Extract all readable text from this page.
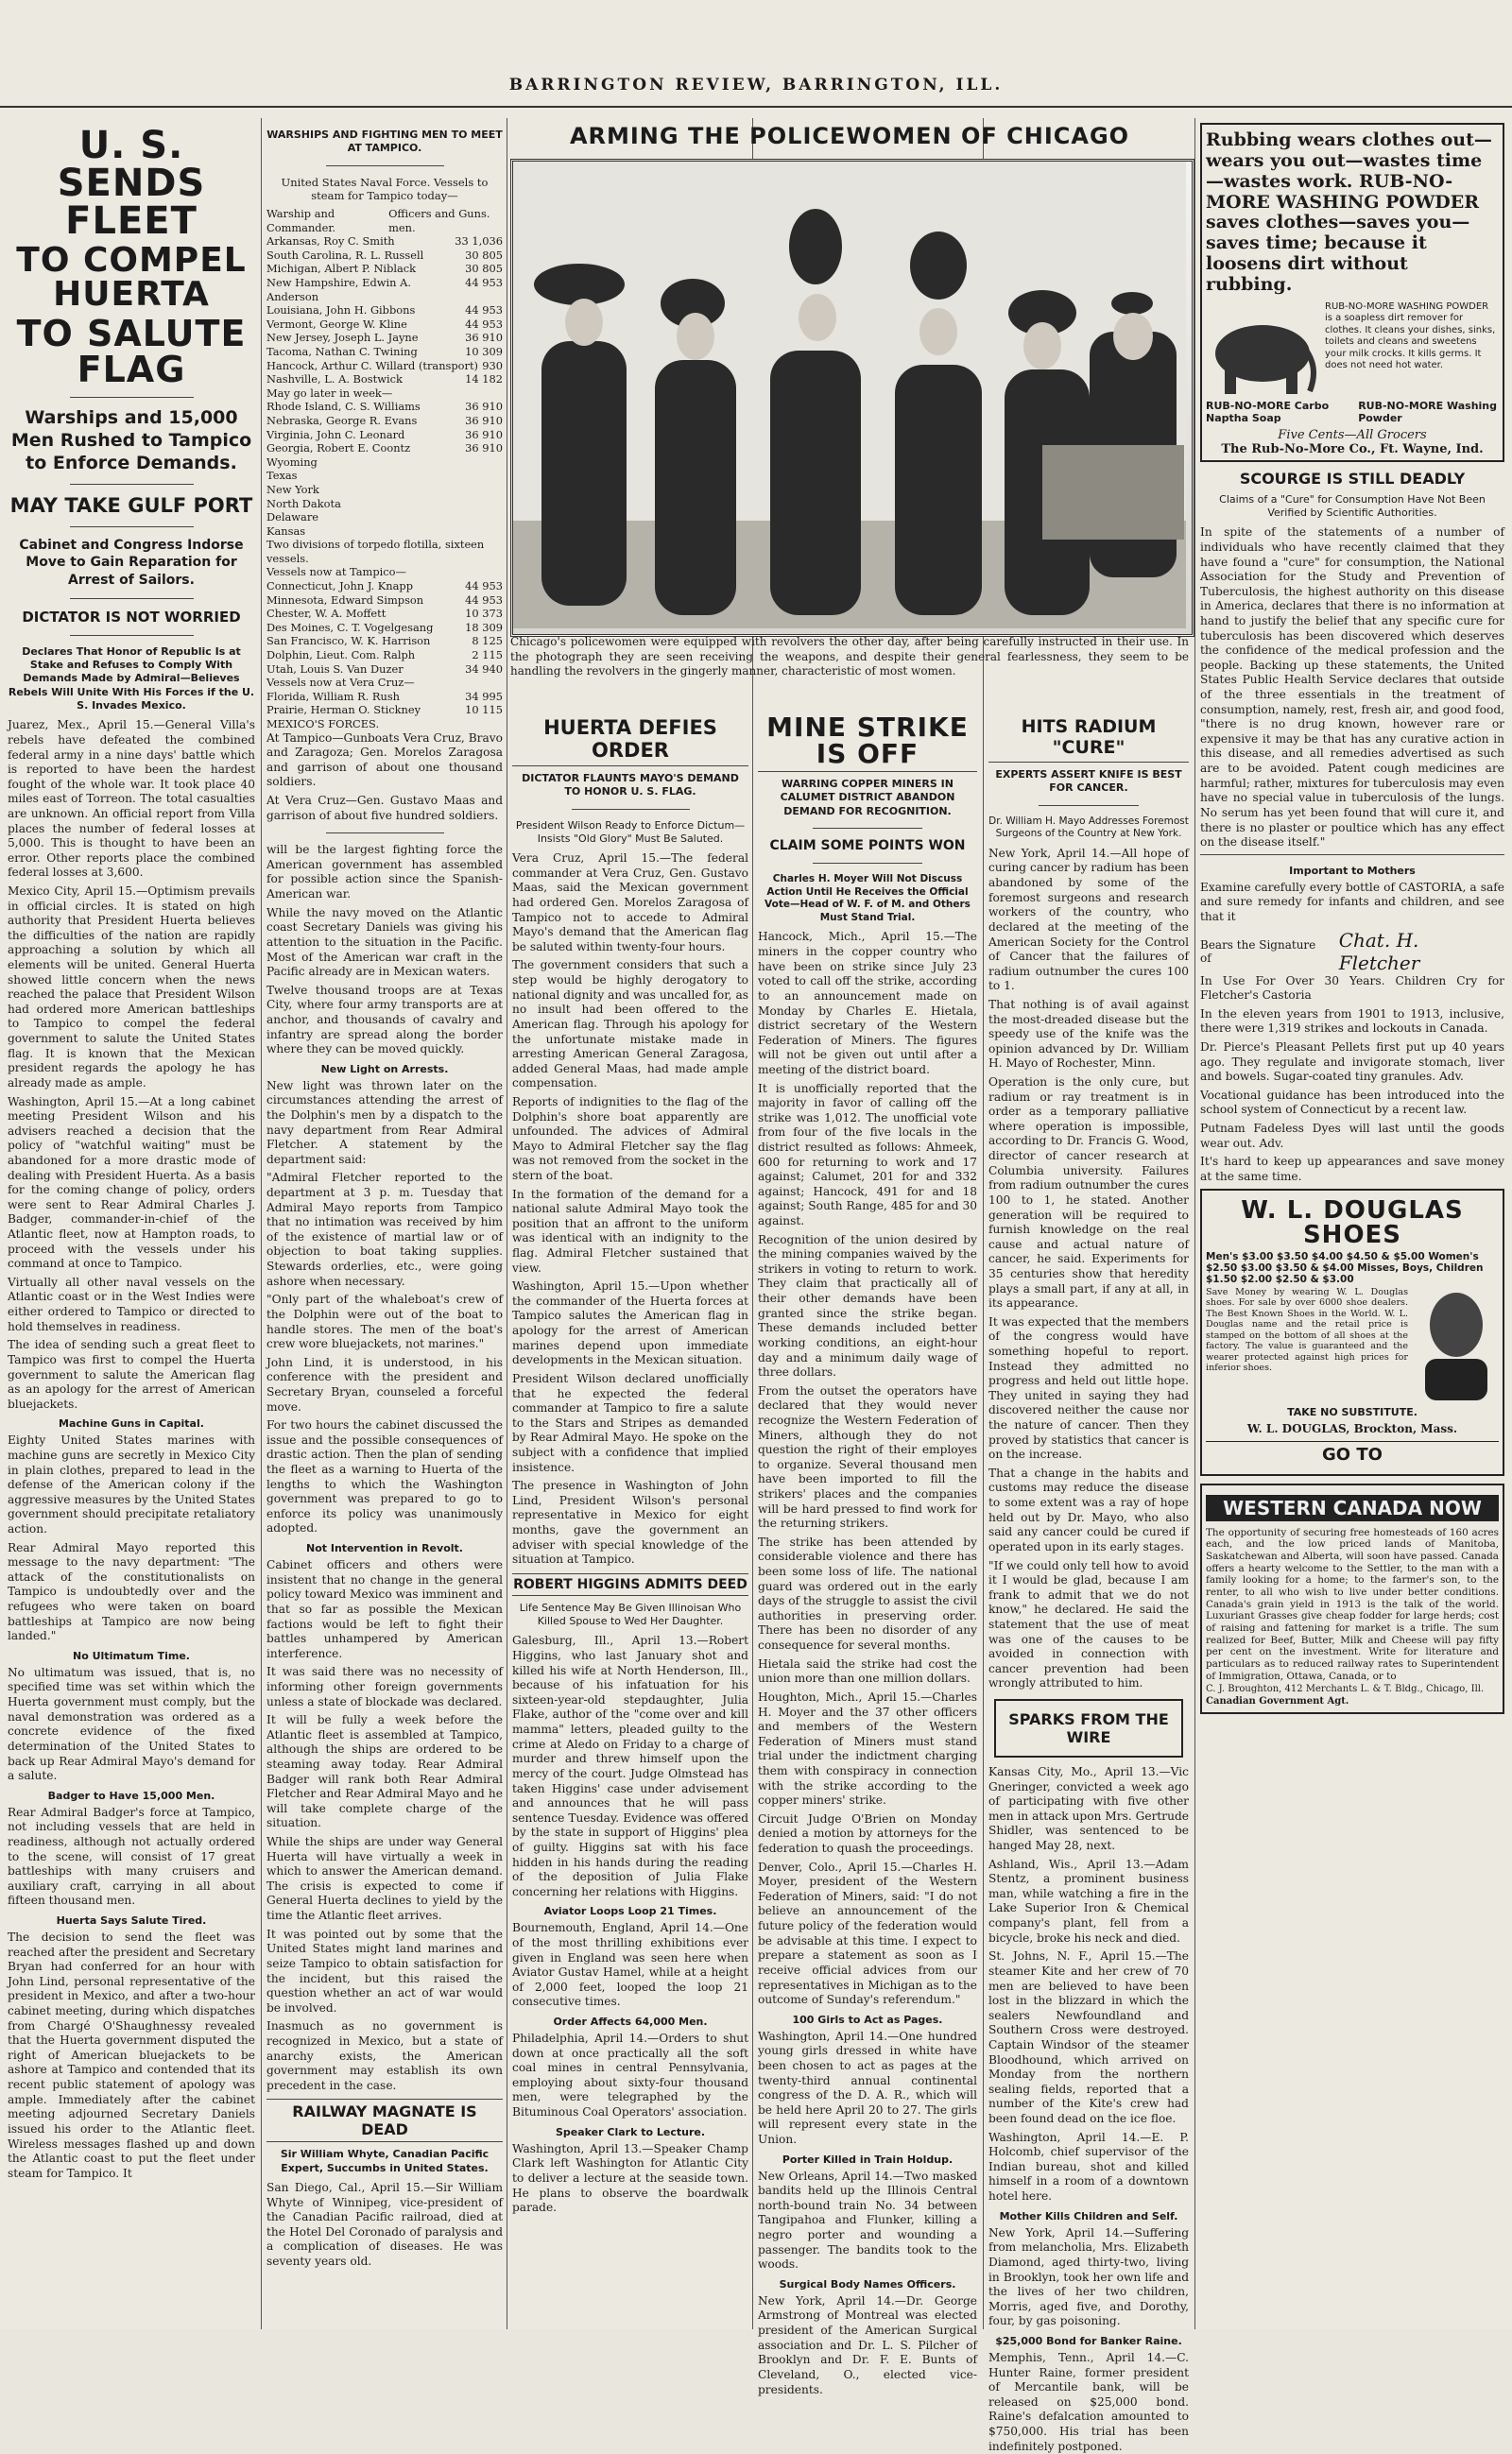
BARRINGTON REVIEW, BARRINGTON, ILL.
U. S. SENDS FLEET
TO COMPEL HUERTA
TO SALUTE FLAG
Warships and 15,000 Men Rushed to Tampico to Enforce Demands.
MAY TAKE GULF PORT
Cabinet and Congress Indorse Move to Gain Reparation for Arrest of Sailors.
DICTATOR IS NOT WORRIED
Declares That Honor of Republic Is at Stake and Refuses to Comply With Demands Made by Admiral—Believes Rebels Will Unite With His Forces if the U. S. Invades Mexico.

Juarez, Mex., April 15.—General Villa's rebels have defeated the combined federal army in a nine days' battle which is reported to have been the hardest fought of the whole war. It took place 40 miles east of Torreon. The total casualties are unknown. An official report from Villa places the number of federal losses at 5,000. This is thought to have been an error. Other reports place the combined federal losses at 3,600.

Mexico City, April 15.—Optimism prevails in official circles. It is stated on high authority that President Huerta believes the difficulties of the nation are rapidly approaching a solution by which all elements will be united. General Huerta showed little concern when the news reached the palace that President Wilson had ordered more American battleships to Tampico to compel the federal government to salute the United States flag. It is known that the Mexican president regards the apology he has already made as ample.

Washington, April 15.—At a long cabinet meeting President Wilson and his advisers reached a decision that the policy of "watchful waiting" must be abandoned for a more drastic mode of dealing with President Huerta. As a basis for the coming change of policy, orders were sent to Rear Admiral Charles J. Badger, commander-in-chief of the Atlantic fleet, now at Hampton roads, to proceed with the vessels under his command at once to Tampico.

Virtually all other naval vessels on the Atlantic coast or in the West Indies were either ordered to Tampico or directed to hold themselves in readiness.

The idea of sending such a great fleet to Tampico was first to compel the Huerta government to salute the American flag as an apology for the arrest of American bluejackets.

Machine Guns in Capital.

Eighty United States marines with machine guns are secretly in Mexico City in plain clothes, prepared to lead in the defense of the American colony if the aggressive measures by the United States government should precipitate retaliatory action.

Rear Admiral Mayo reported this message to the navy department: "The attack of the constitutionalists on Tampico is undoubtedly over and the refugees who were taken on board battleships at Tampico are now being landed."

No Ultimatum Time.

No ultimatum was issued, that is, no specified time was set within which the Huerta government must comply, but the naval demonstration was ordered as a concrete evidence of the fixed determination of the United States to back up Rear Admiral Mayo's demand for a salute.

Badger to Have 15,000 Men.

Rear Admiral Badger's force at Tampico, not including vessels that are held in readiness, although not actually ordered to the scene, will consist of 17 great battleships with many cruisers and auxiliary craft, carrying in all about fifteen thousand men.

Huerta Says Salute Tired.

The decision to send the fleet was reached after the president and Secretary Bryan had conferred for an hour with John Lind, personal representative of the president in Mexico, and after a two-hour cabinet meeting, during which dispatches from Chargé O'Shaughnessy revealed that the Huerta government disputed the right of American bluejackets to be ashore at Tampico and contended that its recent public statement of apology was ample. Immediately after the cabinet meeting adjourned Secretary Daniels issued his order to the Atlantic fleet. Wireless messages flashed up and down the Atlantic coast to put the fleet under steam for Tampico. It

WARSHIPS AND FIGHTING MEN TO MEET AT TAMPICO.

United States Naval Force. Vessels to steam for Tampico today—

Warship and Commander.
Officers and Guns. men.
Arkansas, Roy C. Smith	33 1,036
South Carolina, R. L. Russell	30 805
Michigan, Albert P. Niblack	30 805
New Hampshire, Edwin A. Anderson
44 953
Louisiana, John H. Gibbons	44 953
Vermont, George W. Kline	44 953
New Jersey, Joseph L. Jayne	36 910
Tacoma, Nathan C. Twining	10 309
Hancock, Arthur C. Willard (transport) 930
Nashville, L. A. Bostwick	14 182
May go later in week—
Rhode Island, C. S. Williams	36 910
Nebraska, George R. Evans	36 910
Virginia, John C. Leonard	36 910
Georgia, Robert E. Coontz	36 910
Wyoming
Texas
New York
North Dakota
Delaware
Kansas
Two divisions of torpedo flotilla, sixteen vessels.
Vessels now at Tampico—
Connecticut, John J. Knapp	44 953
Minnesota, Edward Simpson	44 953
Chester, W. A. Moffett	10 373
Des Moines, C. T. Vogelgesang	18 309
San Francisco, W. K. Harrison	8 125
Dolphin, Lieut. Com. Ralph	2 115
Utah, Louis S. Van Duzer	34 940
Vessels now at Vera Cruz—
Florida, William R. Rush	34 995
Prairie, Herman O. Stickney	10 115
MEXICO'S FORCES.

At Tampico—Gunboats Vera Cruz, Bravo and Zaragoza; Gen. Morelos Zaragosa and garrison of about one thousand soldiers.

At Vera Cruz—Gen. Gustavo Maas and garrison of about five hundred soldiers.

will be the largest fighting force the American government has assembled for possible action since the Spanish-American war.

While the navy moved on the Atlantic coast Secretary Daniels was giving his attention to the situation in the Pacific. Most of the American war craft in the Pacific already are in Mexican waters.

Twelve thousand troops are at Texas City, where four army transports are at anchor, and thousands of cavalry and infantry are spread along the border where they can be moved quickly.

New Light on Arrests.

New light was thrown later on the circumstances attending the arrest of the Dolphin's men by a dispatch to the navy department from Rear Admiral Fletcher. A statement by the department said:

"Admiral Fletcher reported to the department at 3 p. m. Tuesday that Admiral Mayo reports from Tampico that no intimation was received by him of the existence of martial law or of objection to boat taking supplies. Stewards orderlies, etc., were going ashore when necessary.

"Only part of the whaleboat's crew of the Dolphin were out of the boat to handle stores. The men of the boat's crew wore bluejackets, not marines."

John Lind, it is understood, in his conference with the president and Secretary Bryan, counseled a forceful move.

For two hours the cabinet discussed the issue and the possible consequences of drastic action. Then the plan of sending the fleet as a warning to Huerta of the lengths to which the Washington government was prepared to go to enforce its policy was unanimously adopted.

Not Intervention in Revolt.

Cabinet officers and others were insistent that no change in the general policy toward Mexico was imminent and that so far as possible the Mexican factions would be left to fight their battles unhampered by American interference.

It was said there was no necessity of informing other foreign governments unless a state of blockade was declared.

It will be fully a week before the Atlantic fleet is assembled at Tampico, although the ships are ordered to be steaming away today. Rear Admiral Badger will rank both Rear Admiral Fletcher and Rear Admiral Mayo and he will take complete charge of the situation.

While the ships are under way General Huerta will have virtually a week in which to answer the American demand. The crisis is expected to come if General Huerta declines to yield by the time the Atlantic fleet arrives.

It was pointed out by some that the United States might land marines and seize Tampico to obtain satisfaction for the incident, but this raised the question whether an act of war would be involved.

Inasmuch as no government is recognized in Mexico, but a state of anarchy exists, the American government may establish its own precedent in the case.

RAILWAY MAGNATE IS DEAD
Sir William Whyte, Canadian Pacific Expert, Succumbs in United States.

San Diego, Cal., April 15.—Sir William Whyte of Winnipeg, vice-president of the Canadian Pacific railroad, died at the Hotel Del Coronado of paralysis and a complication of diseases. He was seventy years old.

ARMING THE POLICEWOMEN OF CHICAGO
Chicago's policewomen were equipped with revolvers the other day, after being carefully instructed in their use. In the photograph they are seen receiving the weapons, and despite their general fearlessness, they seem to be handling the revolvers in the gingerly manner, characteristic of most women.
HUERTA DEFIES ORDER
DICTATOR FLAUNTS MAYO'S DEMAND TO HONOR U. S. FLAG.
President Wilson Ready to Enforce Dictum—Insists "Old Glory" Must Be Saluted.

Vera Cruz, April 15.—The federal commander at Vera Cruz, Gen. Gustavo Maas, said the Mexican government had ordered Gen. Morelos Zaragosa of Tampico not to accede to Admiral Mayo's demand that the American flag be saluted within twenty-four hours.

The government considers that such a step would be highly derogatory to national dignity and was uncalled for, as no insult had been offered to the American flag. Through his apology for the unfortunate mistake made in arresting American General Zaragosa, added General Maas, had made ample compensation.

Reports of indignities to the flag of the Dolphin's shore boat apparently are unfounded. The advices of Admiral Mayo to Admiral Fletcher say the flag was not removed from the socket in the stern of the boat.

In the formation of the demand for a national salute Admiral Mayo took the position that an affront to the uniform was identical with an indignity to the flag. Admiral Fletcher sustained that view.

Washington, April 15.—Upon whether the commander of the Huerta forces at Tampico salutes the American flag in apology for the arrest of American marines depend upon immediate developments in the Mexican situation.

President Wilson declared unofficially that he expected the federal commander at Tampico to fire a salute to the Stars and Stripes as demanded by Rear Admiral Mayo. He spoke on the subject with a confidence that implied insistence.

The presence in Washington of John Lind, President Wilson's personal representative in Mexico for eight months, gave the government an adviser with special knowledge of the situation at Tampico.

ROBERT HIGGINS ADMITS DEED
Life Sentence May Be Given Illinoisan Who Killed Spouse to Wed Her Daughter.

Galesburg, Ill., April 13.—Robert Higgins, who last January shot and killed his wife at North Henderson, Ill., because of his infatuation for his sixteen-year-old stepdaughter, Julia Flake, author of the "come over and kill mamma" letters, pleaded guilty to the crime at Aledo on Friday to a charge of murder and threw himself upon the mercy of the court. Judge Olmstead has taken Higgins' case under advisement and announces that he will pass sentence Tuesday. Evidence was offered by the state in support of Higgins' plea of guilty. Higgins sat with his face hidden in his hands during the reading of the deposition of Julia Flake concerning her relations with Higgins.

Aviator Loops Loop 21 Times.

Bournemouth, England, April 14.—One of the most thrilling exhibitions ever given in England was seen here when Aviator Gustav Hamel, while at a height of 2,000 feet, looped the loop 21 consecutive times.

Order Affects 64,000 Men.

Philadelphia, April 14.—Orders to shut down at once practically all the soft coal mines in central Pennsylvania, employing about sixty-four thousand men, were telegraphed by the Bituminous Coal Operators' association.

Speaker Clark to Lecture.

Washington, April 13.—Speaker Champ Clark left Washington for Atlantic City to deliver a lecture at the seaside town. He plans to observe the boardwalk parade.

MINE STRIKE IS OFF
WARRING COPPER MINERS IN CALUMET DISTRICT ABANDON DEMAND FOR RECOGNITION.
CLAIM SOME POINTS WON
Charles H. Moyer Will Not Discuss Action Until He Receives the Official Vote—Head of W. F. of M. and Others Must Stand Trial.

Hancock, Mich., April 15.—The miners in the copper country who have been on strike since July 23 voted to call off the strike, according to an announcement made on Monday by Charles E. Hietala, district secretary of the Western Federation of Miners. The figures will not be given out until after a meeting of the district board.

It is unofficially reported that the majority in favor of calling off the strike was 1,012. The unofficial vote from four of the five locals in the district resulted as follows: Ahmeek, 600 for returning to work and 17 against; Calumet, 201 for and 332 against; Hancock, 491 for and 18 against; South Range, 485 for and 30 against.

Recognition of the union desired by the mining companies waived by the strikers in voting to return to work. They claim that practically all of their other demands have been granted since the strike began. These demands included better working conditions, an eight-hour day and a minimum daily wage of three dollars.

From the outset the operators have declared that they would never recognize the Western Federation of Miners, although they do not question the right of their employes to organize. Several thousand men have been imported to fill the strikers' places and the companies will be hard pressed to find work for the returning strikers.

The strike has been attended by considerable violence and there has been some loss of life. The national guard was ordered out in the early days of the struggle to assist the civil authorities in preserving order. There has been no disorder of any consequence for several months.

Hietala said the strike had cost the union more than one million dollars.

Houghton, Mich., April 15.—Charles H. Moyer and the 37 other officers and members of the Western Federation of Miners must stand trial under the indictment charging them with conspiracy in connection with the strike according to the copper miners' strike.

Circuit Judge O'Brien on Monday denied a motion by attorneys for the federation to quash the proceedings.

Denver, Colo., April 15.—Charles H. Moyer, president of the Western Federation of Miners, said: "I do not believe an announcement of the future policy of the federation would be advisable at this time. I expect to prepare a statement as soon as I receive official advices from our representatives in Michigan as to the outcome of Sunday's referendum."

100 Girls to Act as Pages.

Washington, April 14.—One hundred young girls dressed in white have been chosen to act as pages at the twenty-third annual continental congress of the D. A. R., which will be held here April 20 to 27. The girls will represent every state in the Union.

Porter Killed in Train Holdup.

New Orleans, April 14.—Two masked bandits held up the Illinois Central north-bound train No. 34 between Tangipahoa and Flunker, killing a negro porter and wounding a passenger. The bandits took to the woods.

Surgical Body Names Officers.

New York, April 14.—Dr. George Armstrong of Montreal was elected president of the American Surgical association and Dr. L. S. Pilcher of Brooklyn and Dr. F. E. Bunts of Cleveland, O., elected vice-presidents.

HITS RADIUM "CURE"
EXPERTS ASSERT KNIFE IS BEST FOR CANCER.
Dr. William H. Mayo Addresses Foremost Surgeons of the Country at New York.

New York, April 14.—All hope of curing cancer by radium has been abandoned by some of the foremost surgeons and research workers of the country, who declared at the meeting of the American Society for the Control of Cancer that the failures of radium outnumber the cures 100 to 1.

That nothing is of avail against the most-dreaded disease but the speedy use of the knife was the opinion advanced by Dr. William H. Mayo of Rochester, Minn.

Operation is the only cure, but radium or ray treatment is in order as a temporary palliative where operation is impossible, according to Dr. Francis G. Wood, director of cancer research at Columbia university. Failures from radium outnumber the cures 100 to 1, he stated. Another generation will be required to furnish knowledge on the real cause and actual nature of cancer, he said. Experiments for 35 centuries show that heredity plays a small part, if any at all, in its appearance.

It was expected that the members of the congress would have something hopeful to report. Instead they admitted no progress and held out little hope. They united in saying they had discovered neither the cause nor the nature of cancer. Then they proved by statistics that cancer is on the increase.

That a change in the habits and customs may reduce the disease to some extent was a ray of hope held out by Dr. Mayo, who also said any cancer could be cured if operated upon in its early stages.

"If we could only tell how to avoid it I would be glad, because I am frank to admit that we do not know," he declared. He said the statement that the use of meat was one of the causes to be avoided in connection with cancer prevention had been wrongly attributed to him.

SPARKS FROM THE WIRE

Kansas City, Mo., April 13.—Vic Gneringer, convicted a week ago of participating with five other men in attack upon Mrs. Gertrude Shidler, was sentenced to be hanged May 28, next.

Ashland, Wis., April 13.—Adam Stentz, a prominent business man, while watching a fire in the Lake Superior Iron & Chemical company's plant, fell from a bicycle, broke his neck and died.

St. Johns, N. F., April 15.—The steamer Kite and her crew of 70 men are believed to have been lost in the blizzard in which the sealers Newfoundland and Southern Cross were destroyed. Captain Windsor of the steamer Bloodhound, which arrived on Monday from the northern sealing fields, reported that a number of the Kite's crew had been found dead on the ice floe.

Washington, April 14.—E. P. Holcomb, chief supervisor of the Indian bureau, shot and killed himself in a room of a downtown hotel here.

Mother Kills Children and Self.

New York, April 14.—Suffering from melancholia, Mrs. Elizabeth Diamond, aged thirty-two, living in Brooklyn, took her own life and the lives of her two children, Morris, aged five, and Dorothy, four, by gas poisoning.

$25,000 Bond for Banker Raine.

Memphis, Tenn., April 14.—C. Hunter Raine, former president of Mercantile bank, will be released on $25,000 bond. Raine's defalcation amounted to $750,000. His trial has been indefinitely postponed.

Rubbing wears clothes out—wears you out—wastes time —wastes work. RUB-NO-MORE WASHING POWDER saves clothes—saves you—saves time; because it loosens dirt without rubbing.

RUB-NO-MORE WASHING POWDER is a soapless dirt remover for clothes. It cleans your dishes, sinks, toilets and cleans and sweetens your milk crocks. It kills germs. It does not need hot water.

RUB-NO-MORE Carbo Naptha Soap
RUB-NO-MORE Washing Powder
Five Cents—All Grocers
The Rub-No-More Co., Ft. Wayne, Ind.
SCOURGE IS STILL DEADLY
Claims of a "Cure" for Consumption Have Not Been Verified by Scientific Authorities.

In spite of the statements of a number of individuals who have recently claimed that they have found a "cure" for consumption, the National Association for the Study and Prevention of Tuberculosis, the highest authority on this disease in America, declares that there is no information at hand to justify the belief that any specific cure for tuberculosis has been discovered which deserves the confidence of the medical profession and the people. Backing up these statements, the United States Public Health Service declares that outside of the three essentials in the treatment of consumption, namely, rest, fresh air, and good food, "there is no drug known, however rare or expensive it may be that has any curative action in this disease, and all remedies advertised as such are to be avoided. Patent cough medicines are harmful; rather, mixtures for tuberculosis may even have no special value in tuberculosis of the lungs. No serum has yet been found that will cure it, and there is no plaster or poultice which has any effect on the disease itself."

Important to Mothers

Examine carefully every bottle of CASTORIA, a safe and sure remedy for infants and children, and see that it

Bears the Signature of
Chat. H. Fletcher

In Use For Over 30 Years. Children Cry for Fletcher's Castoria

In the eleven years from 1901 to 1913, inclusive, there were 1,319 strikes and lockouts in Canada.

Dr. Pierce's Pleasant Pellets first put up 40 years ago. They regulate and invigorate stomach, liver and bowels. Sugar-coated tiny granules. Adv.

Vocational guidance has been introduced into the school system of Connecticut by a recent law.

Putnam Fadeless Dyes will last until the goods wear out. Adv.

It's hard to keep up appearances and save money at the same time.

W. L. DOUGLAS SHOES

Men's $3.00 $3.50 $4.00 $4.50 & $5.00 Women's $2.50 $3.00 $3.50 & $4.00 Misses, Boys, Children $1.50 $2.00 $2.50 & $3.00

Save Money by wearing W. L. Douglas shoes. For sale by over 6000 shoe dealers. The Best Known Shoes in the World. W. L. Douglas name and the retail price is stamped on the bottom of all shoes at the factory. The value is guaranteed and the wearer protected against high prices for inferior shoes.

TAKE NO SUBSTITUTE.
W. L. DOUGLAS, Brockton, Mass.
GO TO
WESTERN CANADA NOW

The opportunity of securing free homesteads of 160 acres each, and the low priced lands of Manitoba, Saskatchewan and Alberta, will soon have passed. Canada offers a hearty welcome to the Settler, to the man with a family looking for a home; to the farmer's son, to the renter, to all who wish to live under better conditions. Canada's grain yield in 1913 is the talk of the world. Luxuriant Grasses give cheap fodder for large herds; cost of raising and fattening for market is a trifle. The sum realized for Beef, Butter, Milk and Cheese will pay fifty per cent on the investment. Write for literature and particulars as to reduced railway rates to Superintendent of Immigration, Ottawa, Canada, or to

C. J. Broughton, 412 Merchants L. & T. Bldg., Chicago, Ill.

Canadian Government Agt.
